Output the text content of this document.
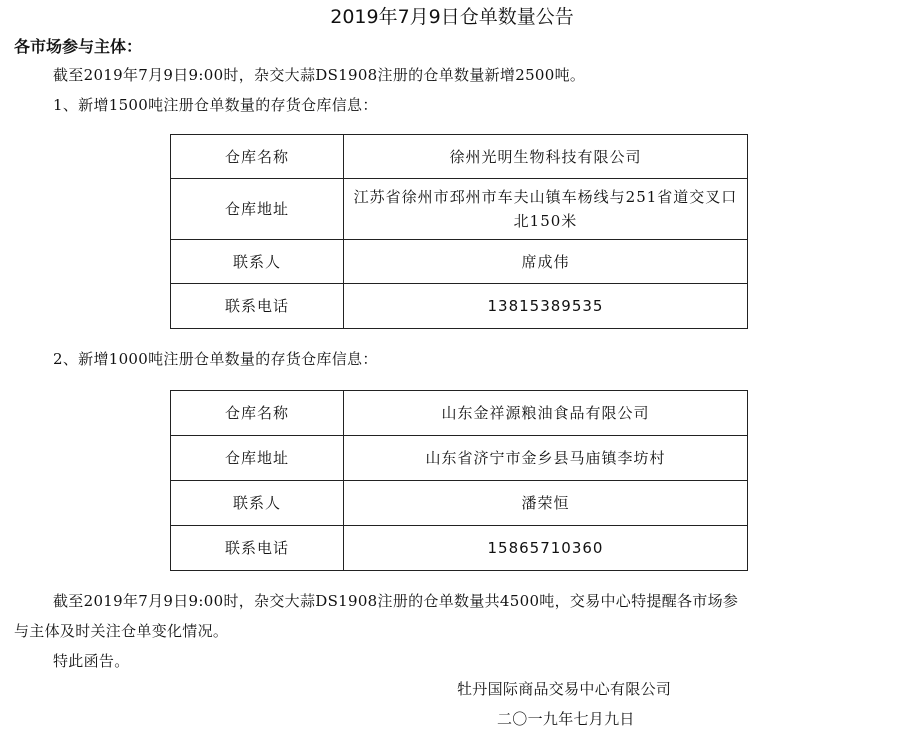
2019年7月9日仓单数量公告
各市场参与主体：
截至2019年7月9日9:00时，杂交大蒜DS1908注册的仓单数量新增2500吨。
1、新增1500吨注册仓单数量的存货仓库信息：
仓库名称	徐州光明生物科技有限公司
仓库地址	江苏省徐州市邳州市车夫山镇车杨线与251省道交叉口北150米
联系人	席成伟
联系电话	13815389535
2、新增1000吨注册仓单数量的存货仓库信息：
仓库名称	山东金祥源粮油食品有限公司
仓库地址	山东省济宁市金乡县马庙镇李坊村
联系人	潘荣恒
联系电话	15865710360
截至2019年7月9日9:00时，杂交大蒜DS1908注册的仓单数量共4500吨，交易中心特提醒各市场参
与主体及时关注仓单变化情况。
特此函告。
牡丹国际商品交易中心有限公司
二〇一九年七月九日
